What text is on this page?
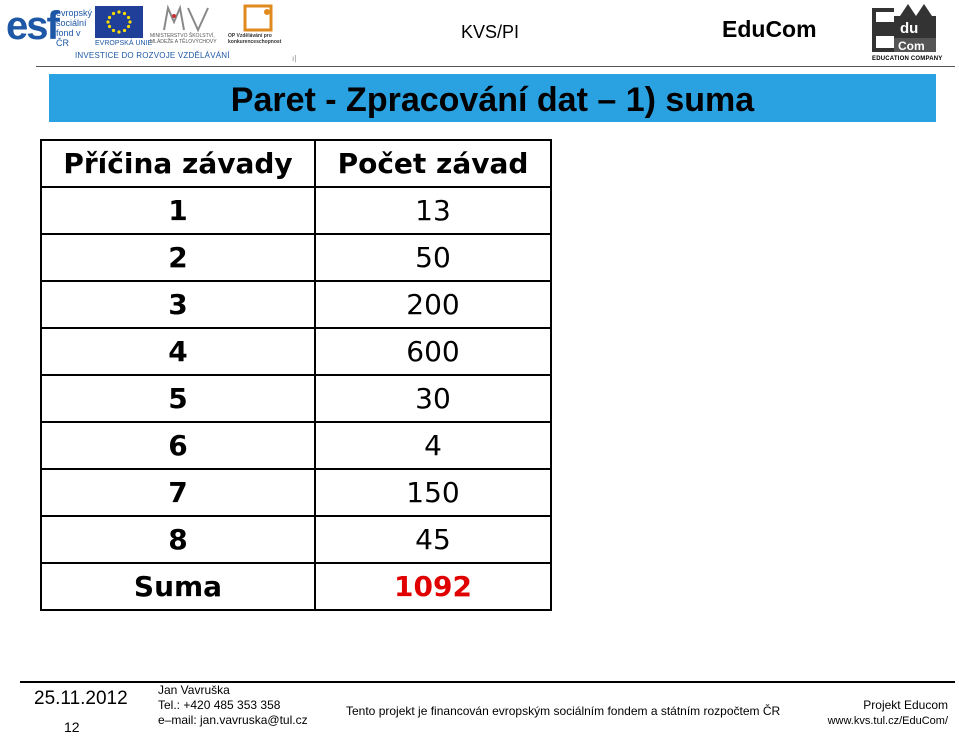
esf
evropský sociální fond v ČR	EVROPSKÁ UNIE
MINISTERSTVO ŠKOLSTVÍ, MLÁDEŽE A TĚLOVÝCHOVY
OP Vzdělávání pro konkurenceschopnost
INVESTICE DO ROZVOJE VZDĚLÁVÁNÍ	ı|
KVS/PI	EduCom	du
Com
EDUCATION COMPANY
Paret - Zpracování dat – 1) suma
Příčina závady	Počet závad
1	13
2	50
3	200
4	600
5	30
6	4
7	150
8	45
Suma	1092
25.11.2012
12
Jan Vavruška
Tel.: +420 485 353 358
e–mail: jan.vavruska@tul.cz
Tento projekt je financován evropským sociálním fondem a státním rozpočtem ČR	Projekt Educom
www.kvs.tul.cz/EduCom/
